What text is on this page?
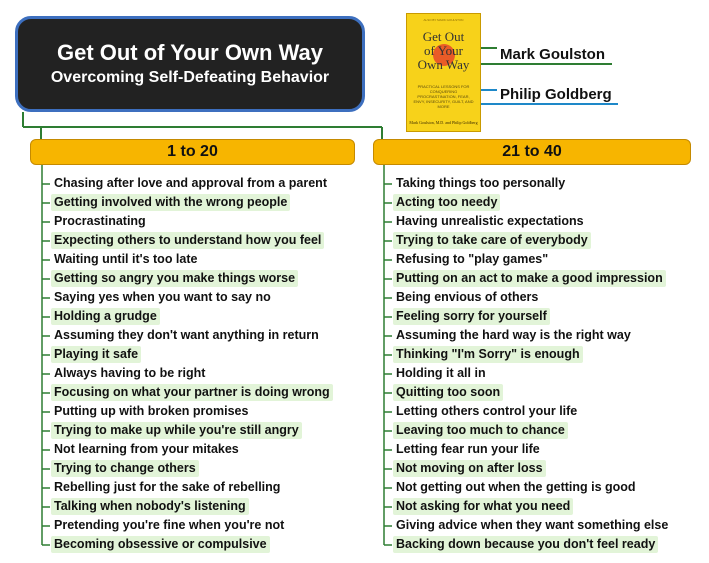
Get Out of Your Own Way
Overcoming Self-Defeating Behavior
ALSO BY MARK GOULSTON
Get Out
of Your
Own Way
PRACTICAL LESSONS FOR CONQUERING PROCRASTINATION, FEAR, ENVY, INSECURITY, GUILT, AND MORE
Mark Goulston, M.D. and Philip Goldberg
Mark Goulston
Philip Goldberg
1 to 20	21 to 40
Chasing after love and approval from a parent
Getting involved with the wrong people
Procrastinating
Expecting others to understand how you feel
Waiting until it's too late
Getting so angry you make things worse
Saying yes when you want to say no
Holding a grudge
Assuming they don't want anything in return
Playing it safe
Always having to be right
Focusing on what your partner is doing wrong
Putting up with broken promises
Trying to make up while you're still angry
Not learning from your mitakes
Trying to change others
Rebelling just for the sake of rebelling
Talking when nobody's listening
Pretending you're fine when you're not
Becoming obsessive or compulsive
Taking things too personally
Acting too needy
Having unrealistic expectations
Trying to take care of everybody
Refusing to "play games"
Putting on an act to make a good impression
Being envious of others
Feeling sorry for yourself
Assuming the hard way is the right way
Thinking "I'm Sorry" is enough
Holding it all in
Quitting too soon
Letting others control your life
Leaving too much to chance
Letting fear run your life
Not moving on after loss
Not getting out when the getting is good
Not asking for what you need
Giving advice when they want something else
Backing down because you don't feel ready
